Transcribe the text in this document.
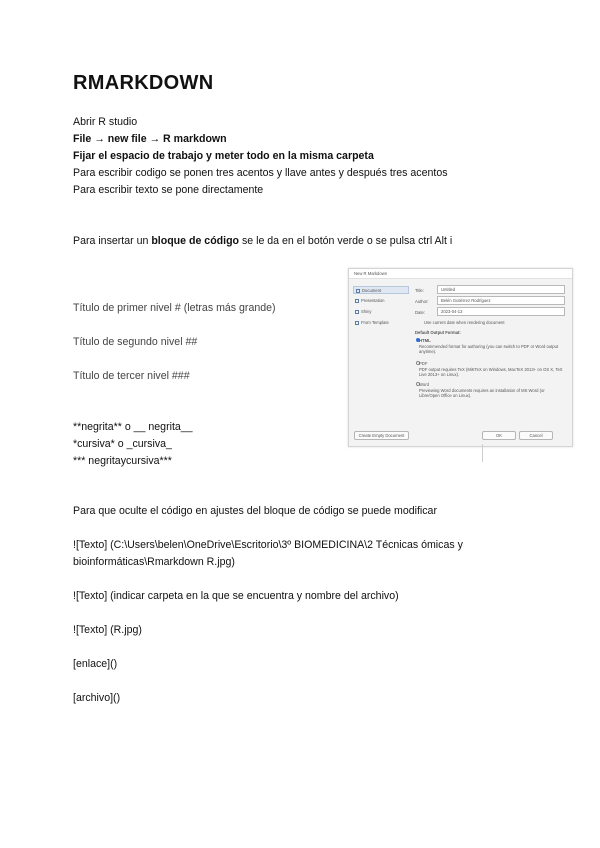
RMARKDOWN
Abrir R studio
File → new file → R markdown
Fijar el espacio de trabajo y meter todo en la misma carpeta
Para escribir codigo se ponen tres acentos y llave antes y después tres acentos
Para escribir texto se pone directamente
Para insertar un bloque de código se le da en el botón verde o se pulsa ctrl Alt i
Título de primer nivel # (letras más grande)
Título de segundo nivel ##
Título de tercer nivel ###
**negrita** o __ negrita__
*cursiva* o _cursiva_
*** negritaycursiva***
Para que oculte el código en ajustes del bloque de código se puede modificar
![Texto] (C:\Users\belen\OneDrive\Escritorio\3º BIOMEDICINA\2 Técnicas ómicas y
bioinformáticas\Rmarkdown R.jpg)
![Texto] (indicar carpeta en la que se encuentra y nombre del archivo)
![Texto] (R.jpg)
[enlace]()
[archivo]()
New R Markdown
Document
Presentation
Shiny
From Template
Title:	Untitled
Author:	Belén Gutiérrez Rodríguez
Date:	2023-04-13
Use current date when rendering document
Default Output Format:
HTML
Recommended format for authoring (you can switch to PDF or Word output anytime).
PDF
PDF output requires TeX (MiKTeX on Windows, MacTeX 2013+ on OS X, TeX Live 2013+ on Linux).
Word
Previewing Word documents requires an installation of MS Word (or Libre/Open Office on Linux).
Create Empty Document	OK	Cancel
